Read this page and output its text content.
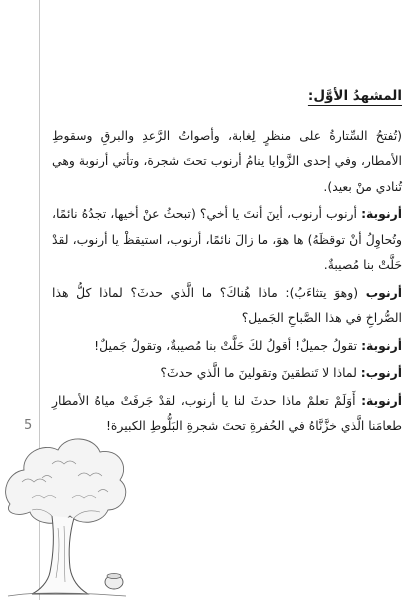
5
المشهدُ الأوَّل:

(تُفتحُ السِّتارةُ على منظرٍ لِغابة، وأصواتُ الرَّعدِ والبرقِ وسقوطِ الأمطار، وفي إحدى الزَّوايا ينامُ أرنوب تحتَ شجرة، وتأتي أرنوبة وهي تُنادي منْ بعيد).

أرنوبة: أرنوب أرنوب، أينَ أنتَ يا أخي؟ (تبحثُ عنْ أخيها، تجدُهُ نائمًا، وتُحاوِلُ أنْ توقظَهُ) ها هوَ، ما زالَ نائمًا، أرنوب، استيقظْ يا أرنوب، لقدْ حَلَّتْ بنا مُصيبةٌ.

أرنوب (وهوَ يتثاءَبُ): ماذا هُناكَ؟ ما الَّذي حدثَ؟ لماذا كلُّ هذا الصُّراخِ في هذا الصَّباحِ الجَميل؟

أرنوبة: تقولُ جميلٌ! أقولُ لكَ حَلَّتْ بنا مُصيبةٌ، وتقولُ جَميلٌ!

أرنوب: لماذا لا تَنطقينَ وتقولينَ ما الَّذي حدثَ؟

أرنوبة: أَوَلَمْ تعلمْ ماذا حدثَ لنا يا أرنوب، لقدْ جَرفَتْ مياهُ الأمطارِ طعامَنا الَّذي خزَّنَّاهُ في الحُفرةِ تحتَ شجرةِ البَلُّوطِ الكبيرة!
